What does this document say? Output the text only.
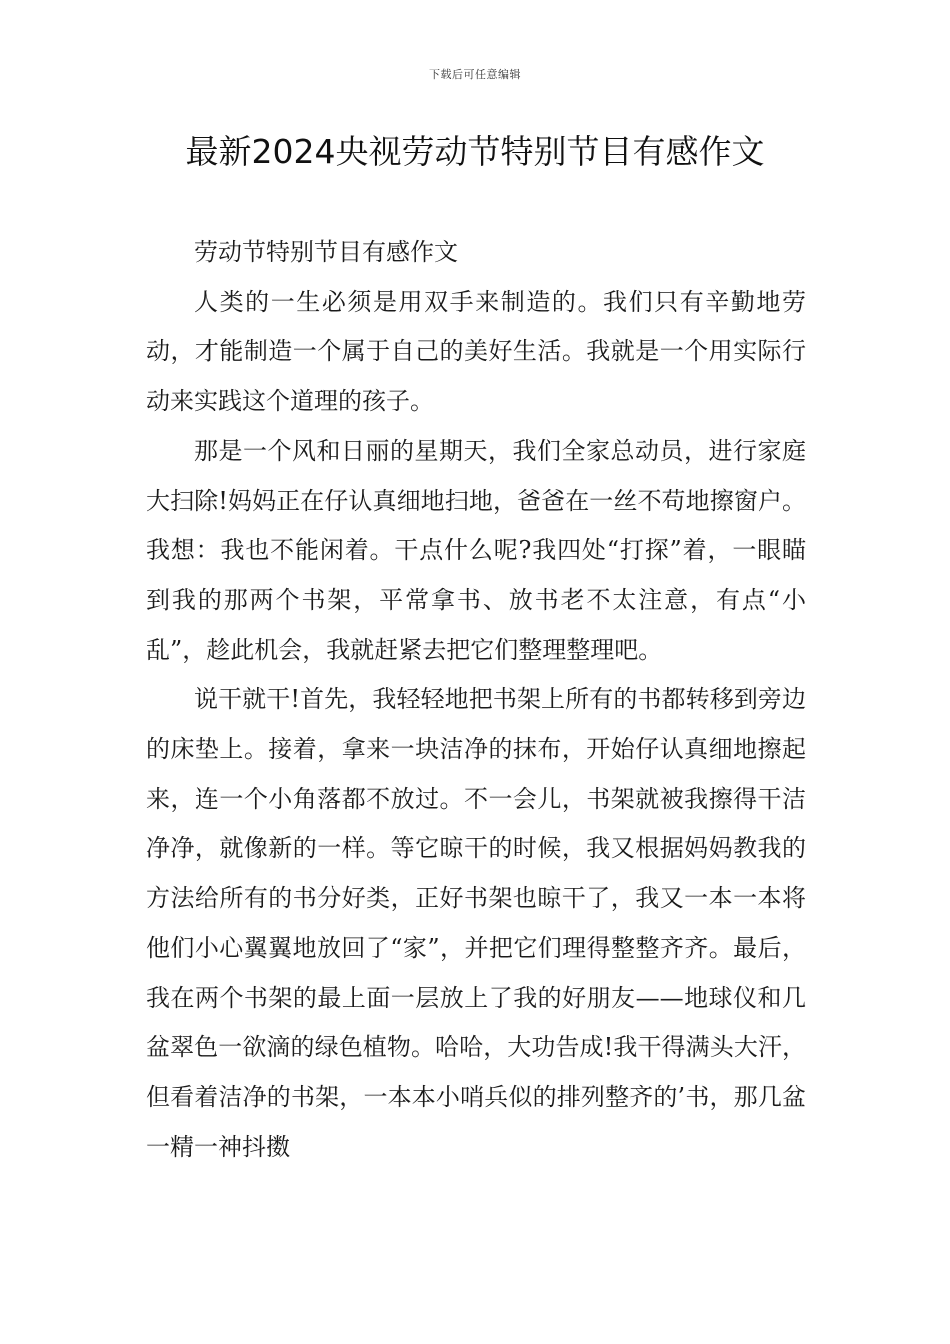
下载后可任意编辑
最新2024央视劳动节特别节目有感作文

劳动节特别节目有感作文

人类的一生必须是用双手来制造的。我们只有辛勤地劳动，才能制造一个属于自己的美好生活。我就是一个用实际行动来实践这个道理的孩子。

那是一个风和日丽的星期天，我们全家总动员，进行家庭大扫除!妈妈正在仔认真细地扫地，爸爸在一丝不苟地擦窗户。我想：我也不能闲着。干点什么呢?我四处“打探”着，一眼瞄到我的那两个书架，平常拿书、放书老不太注意，有点“小乱”，趁此机会，我就赶紧去把它们整理整理吧。

说干就干!首先，我轻轻地把书架上所有的书都转移到旁边的床垫上。接着，拿来一块洁净的抹布，开始仔认真细地擦起来，连一个小角落都不放过。不一会儿，书架就被我擦得干洁净净，就像新的一样。等它晾干的时候，我又根据妈妈教我的方法给所有的书分好类，正好书架也晾干了，我又一本一本将他们小心翼翼地放回了“家”，并把它们理得整整齐齐。最后，我在两个书架的最上面一层放上了我的好朋友——地球仪和几盆翠色一欲滴的绿色植物。哈哈，大功告成!我干得满头大汗，但看着洁净的书架，一本本小哨兵似的排列整齐的’书，那几盆一精一神抖擞
